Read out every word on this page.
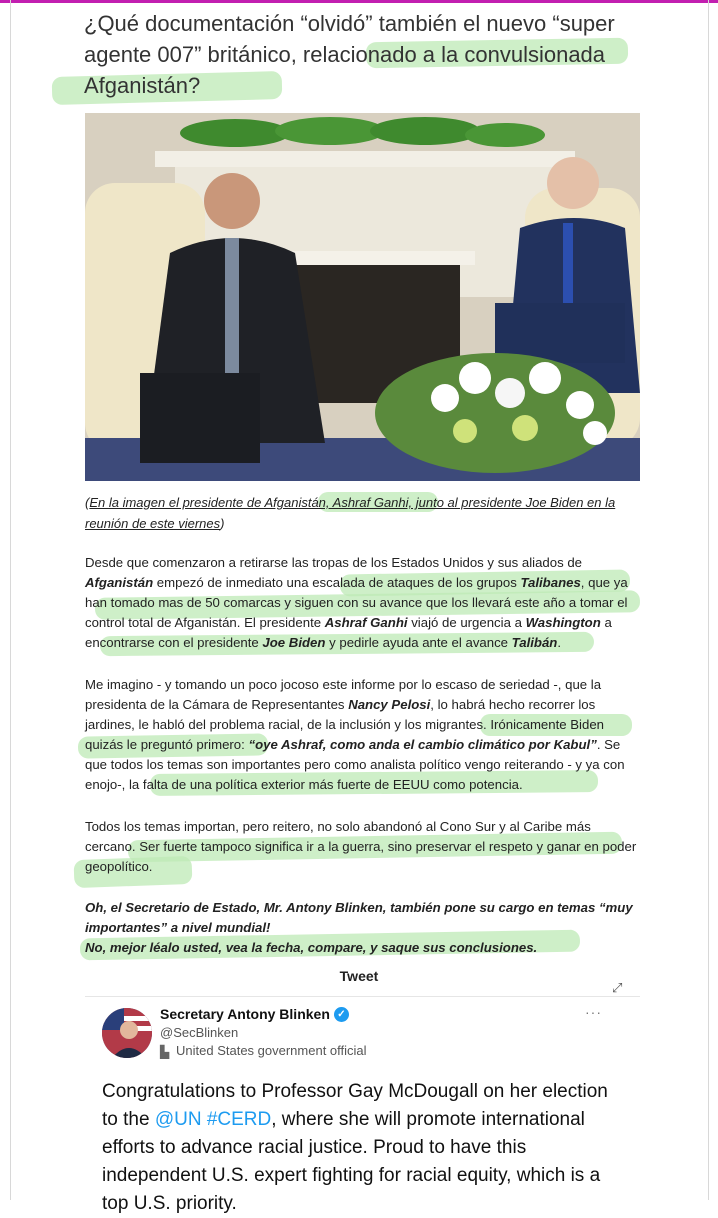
¿Qué documentación “olvidó” también el nuevo “super agente 007” británico, relacionado a la convulsionada Afganistán?
(En la imagen el presidente de Afganistán, Ashraf Ganhi, junto al presidente Joe Biden en la reunión de este viernes)

Desde que comenzaron a retirarse las tropas de los Estados Unidos y sus aliados de Afganistán empezó de inmediato una escalada de ataques de los grupos Talibanes, que ya han tomado mas de 50 comarcas y siguen con su avance que los llevará este año a tomar el control total de Afganistán. El presidente Ashraf Ganhi viajó de urgencia a Washington a encontrarse con el presidente Joe Biden y pedirle ayuda ante el avance Talibán.

Me imagino - y tomando un poco jocoso este informe por lo escaso de seriedad -, que la presidenta de la Cámara de Representantes Nancy Pelosi, lo habrá hecho recorrer los jardines, le habló del problema racial, de la inclusión y los migrantes. Irónicamente Biden quizás le preguntó primero: “oye Ashraf, como anda el cambio climático por Kabul”. Se que todos los temas son importantes pero como analista político vengo reiterando - y ya con enojo-, la falta de una política exterior más fuerte de EEUU como potencia.

Todos los temas importan, pero reitero, no solo abandonó al Cono Sur y al Caribe más cercano. Ser fuerte tampoco significa ir a la guerra, sino preservar el respeto y ganar en poder geopolítico.

Oh, el Secretario de Estado, Mr. Antony Blinken, también pone su cargo en temas “muy importantes” a nivel mundial!
No, mejor léalo usted, vea la fecha, compare, y saque sus conclusiones.

Tweet
⤢
Secretary Antony Blinken ✓
@SecBlinken
▙ United States government official
···
Congratulations to Professor Gay McDougall on her election to the @UN #CERD, where she will promote international efforts to advance racial justice. Proud to have this independent U.S. expert fighting for racial equity, which is a top U.S. priority.
